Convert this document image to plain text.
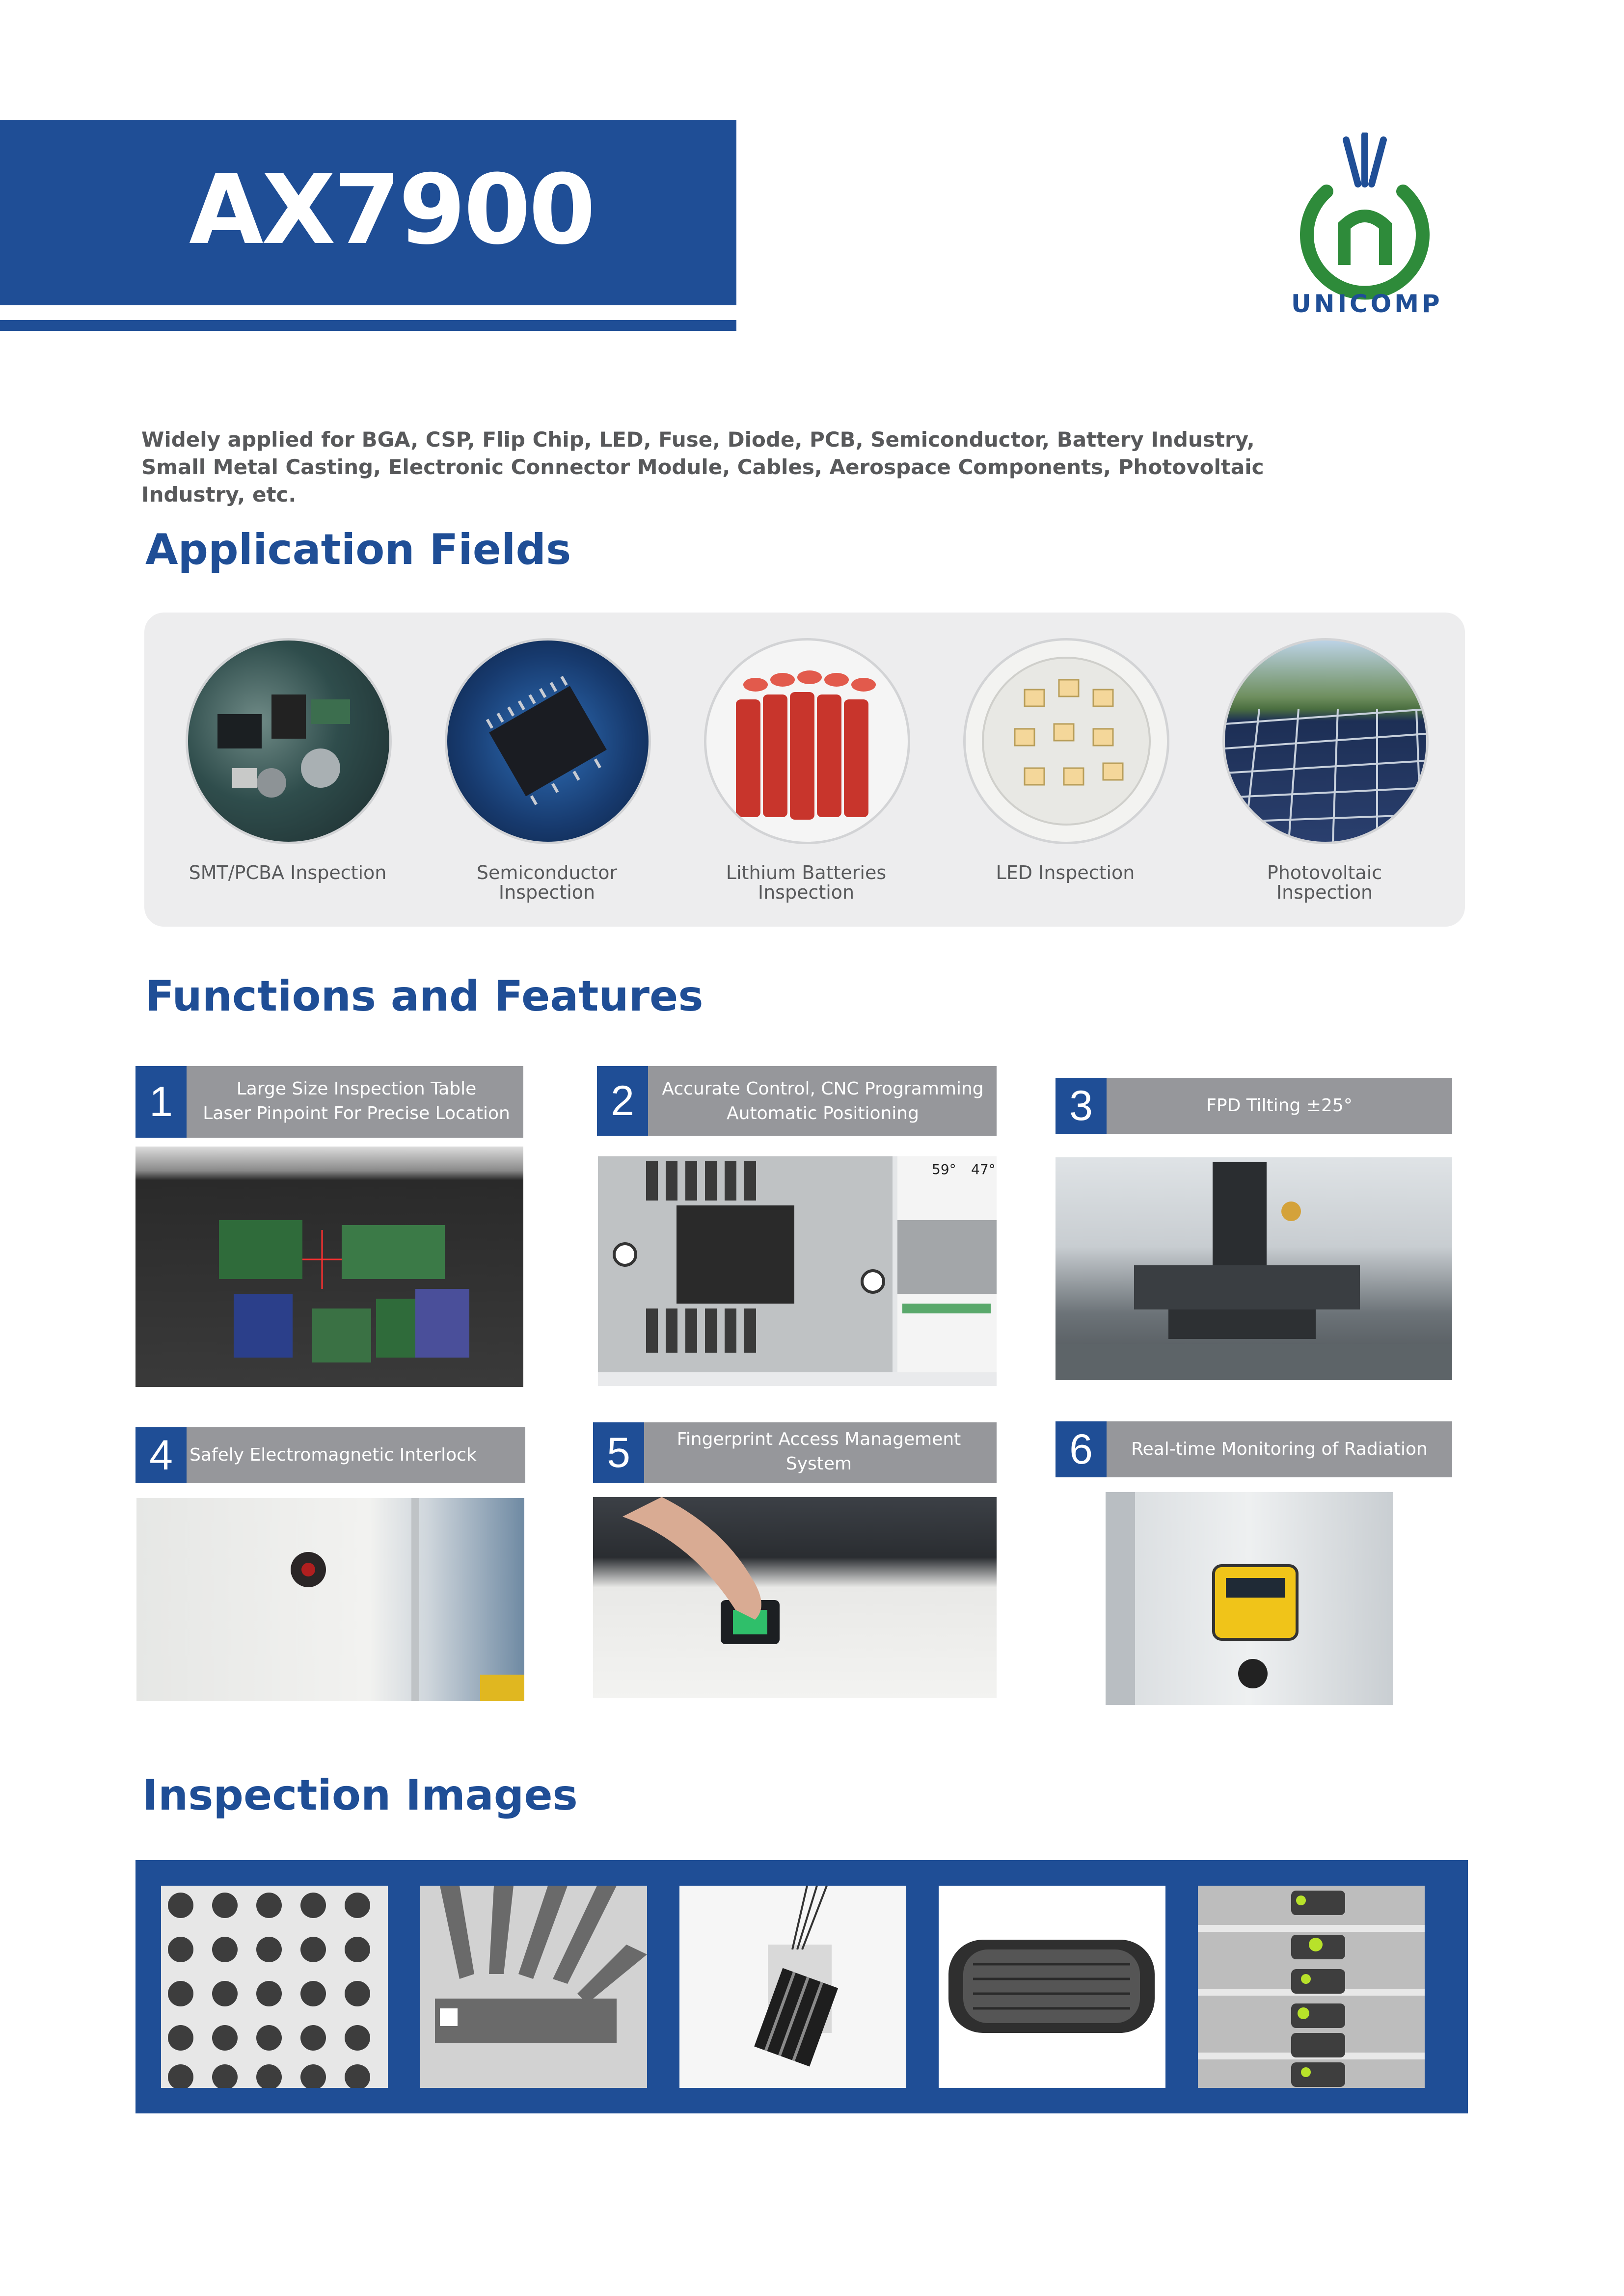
AX7900
UNICOMP
Widely applied for BGA, CSP, Flip Chip, LED, Fuse, Diode, PCB, Semiconductor, Battery Industry, Small Metal Casting, Electronic Connector Module, Cables, Aerospace Components, Photovoltaic Industry, etc.
Application Fields
SMT/PCBA Inspection	Semiconductor
Inspection
Lithium Batteries
Inspection
LED Inspection	Photovoltaic
Inspection
Functions and Features
1	Large Size Inspection Table
Laser Pinpoint For Precise Location	2	Accurate Control, CNC Programming
Automatic Positioning
59° 47°
3	FPD Tilting ±25°
4 Safely Electromagnetic Interlock	5	Fingerprint Access Management
System	6	Real-time Monitoring of Radiation
Inspection Images
